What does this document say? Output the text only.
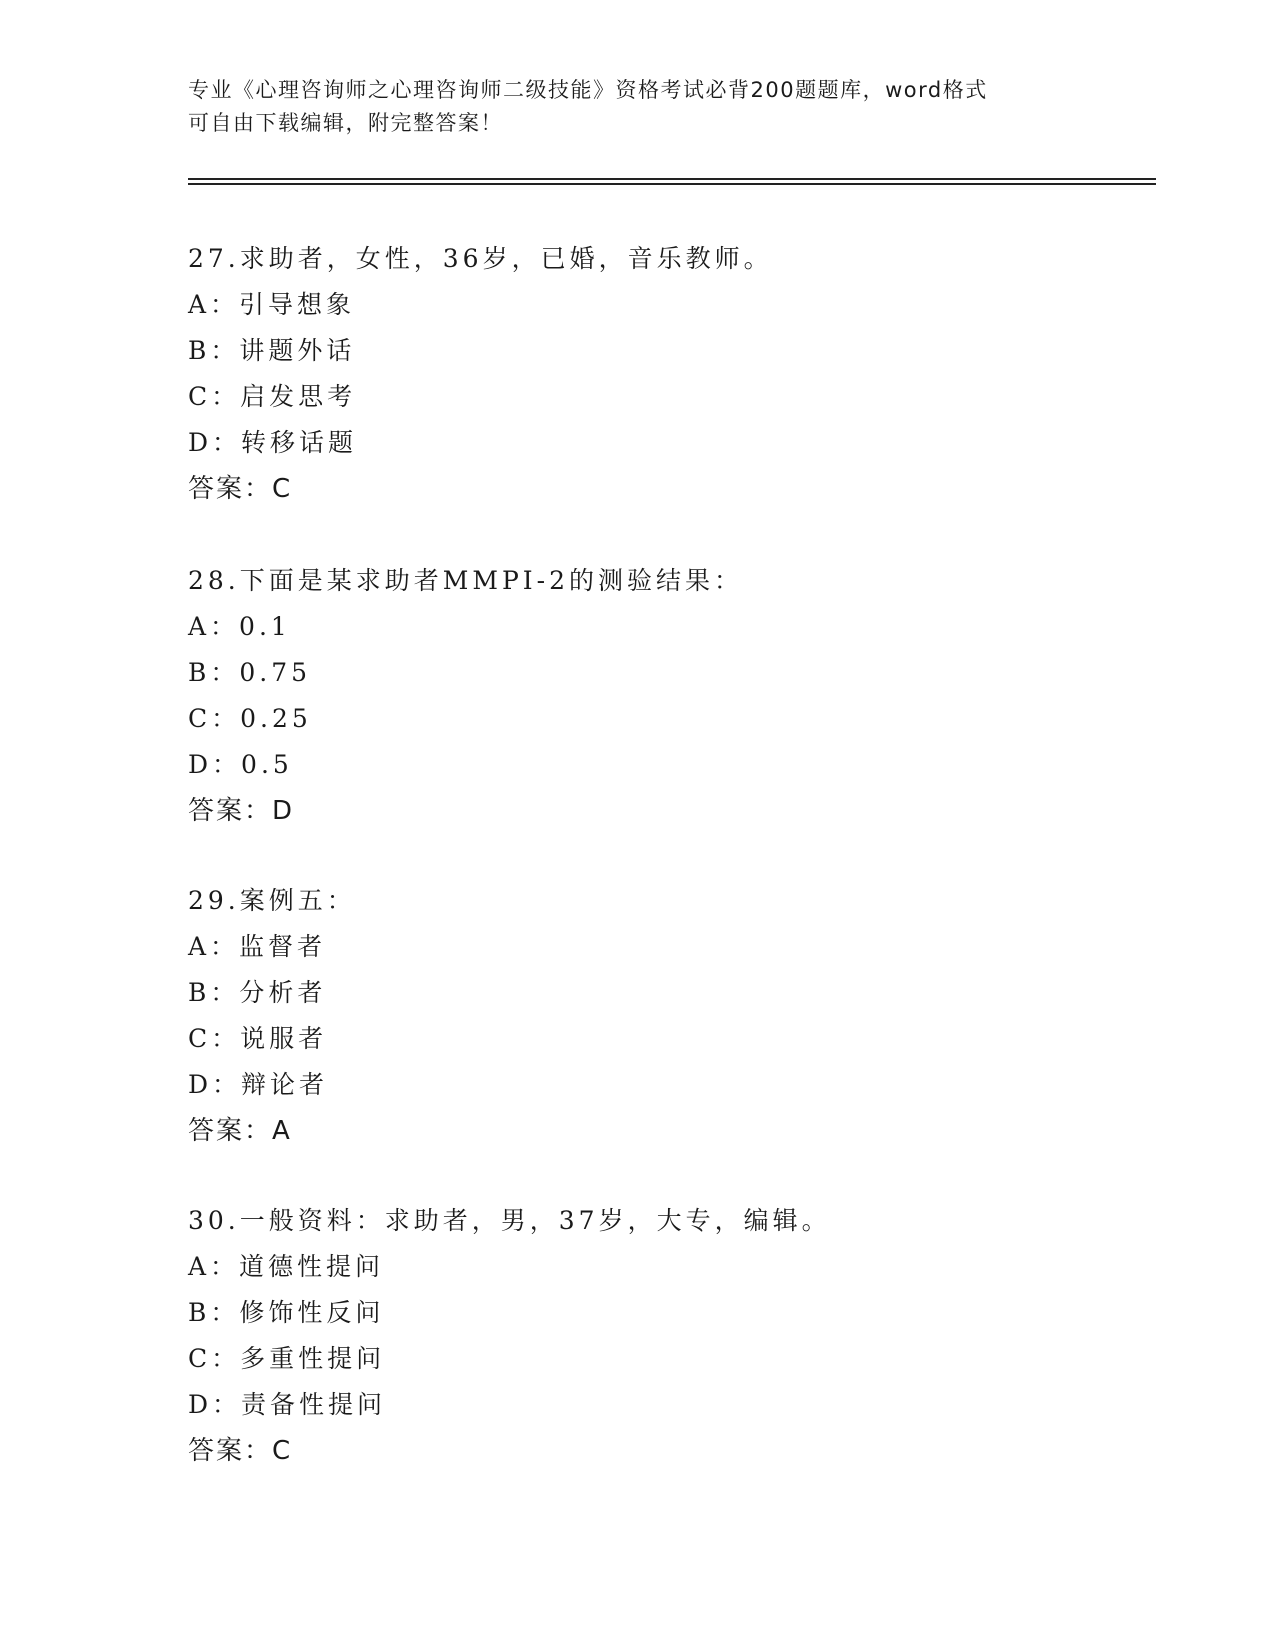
专业《心理咨询师之心理咨询师二级技能》资格考试必背200题题库，word格式

可自由下载编辑，附完整答案！

27.求助者，女性，36岁，已婚，音乐教师。
A：引导想象
B：讲题外话
C：启发思考
D：转移话题
答案：C
28.下面是某求助者MMPI-2的测验结果：
A：0.1
B：0.75
C：0.25
D：0.5
答案：D
29.案例五：
A：监督者
B：分析者
C：说服者
D：辩论者
答案：A
30.一般资料：求助者，男，37岁，大专，编辑。
A：道德性提问
B：修饰性反问
C：多重性提问
D：责备性提问
答案：C
